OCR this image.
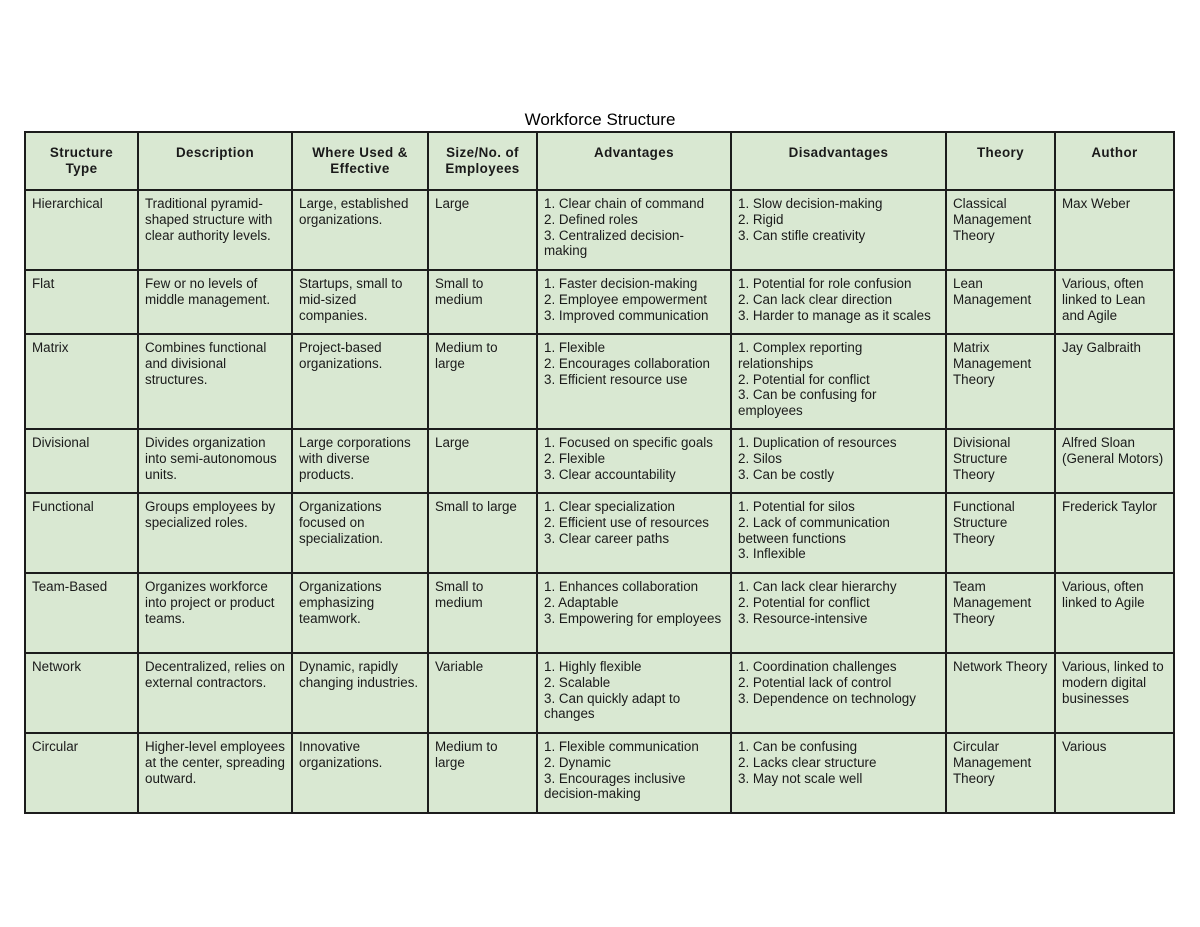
Workforce Structure
Structure Type	Description	Where Used & Effective	Size/No. of Employees	Advantages	Disadvantages	Theory	Author
Hierarchical	Traditional pyramid-shaped structure with clear authority levels.	Large, established organizations.	Large	1. Clear chain of command
2. Defined roles
3. Centralized decision-making	1. Slow decision-making
2. Rigid
3. Can stifle creativity	Classical Management Theory	Max Weber
Flat	Few or no levels of middle management.	Startups, small to mid-sized companies.	Small to medium	1. Faster decision-making
2. Employee empowerment
3. Improved communication	1. Potential for role confusion
2. Can lack clear direction
3. Harder to manage as it scales	Lean Management	Various, often linked to Lean and Agile
Matrix	Combines functional and divisional structures.	Project-based organizations.	Medium to large	1. Flexible
2. Encourages collaboration
3. Efficient resource use	1. Complex reporting relationships
2. Potential for conflict
3. Can be confusing for employees	Matrix Management Theory	Jay Galbraith
Divisional	Divides organization into semi-autonomous units.	Large corporations with diverse products.	Large	1. Focused on specific goals
2. Flexible
3. Clear accountability	1. Duplication of resources
2. Silos
3. Can be costly	Divisional Structure Theory	Alfred Sloan (General Motors)
Functional	Groups employees by specialized roles.	Organizations focused on specialization.	Small to large	1. Clear specialization
2. Efficient use of resources
3. Clear career paths	1. Potential for silos
2. Lack of communication between functions
3. Inflexible	Functional Structure Theory	Frederick Taylor
Team-Based	Organizes workforce into project or product teams.	Organizations emphasizing teamwork.	Small to medium	1. Enhances collaboration
2. Adaptable
3. Empowering for employees	1. Can lack clear hierarchy
2. Potential for conflict
3. Resource-intensive	Team Management Theory	Various, often linked to Agile
Network	Decentralized, relies on external contractors.	Dynamic, rapidly changing industries.	Variable	1. Highly flexible
2. Scalable
3. Can quickly adapt to changes	1. Coordination challenges
2. Potential lack of control
3. Dependence on technology	Network Theory	Various, linked to modern digital businesses
Circular	Higher-level employees at the center, spreading outward.	Innovative organizations.	Medium to large	1. Flexible communication
2. Dynamic
3. Encourages inclusive decision-making	1. Can be confusing
2. Lacks clear structure
3. May not scale well	Circular Management Theory	Various
